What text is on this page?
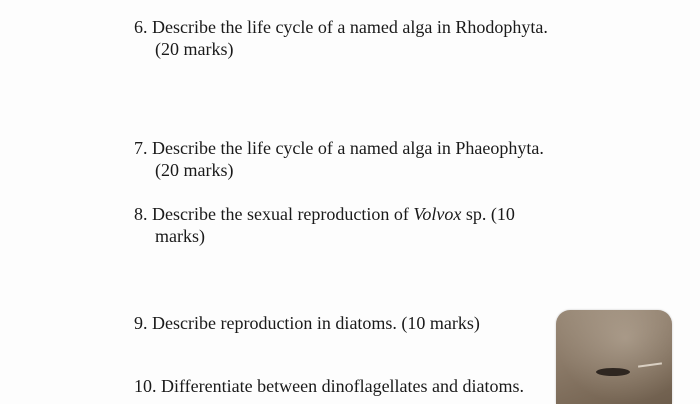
6. Describe the life cycle of a named alga in Rhodophyta.
(20 marks)
7. Describe the life cycle of a named alga in Phaeophyta.
(20 marks)
8. Describe the sexual reproduction of Volvox sp. (10
marks)
9. Describe reproduction in diatoms. (10 marks)
10. Differentiate between dinoflagellates and diatoms.
